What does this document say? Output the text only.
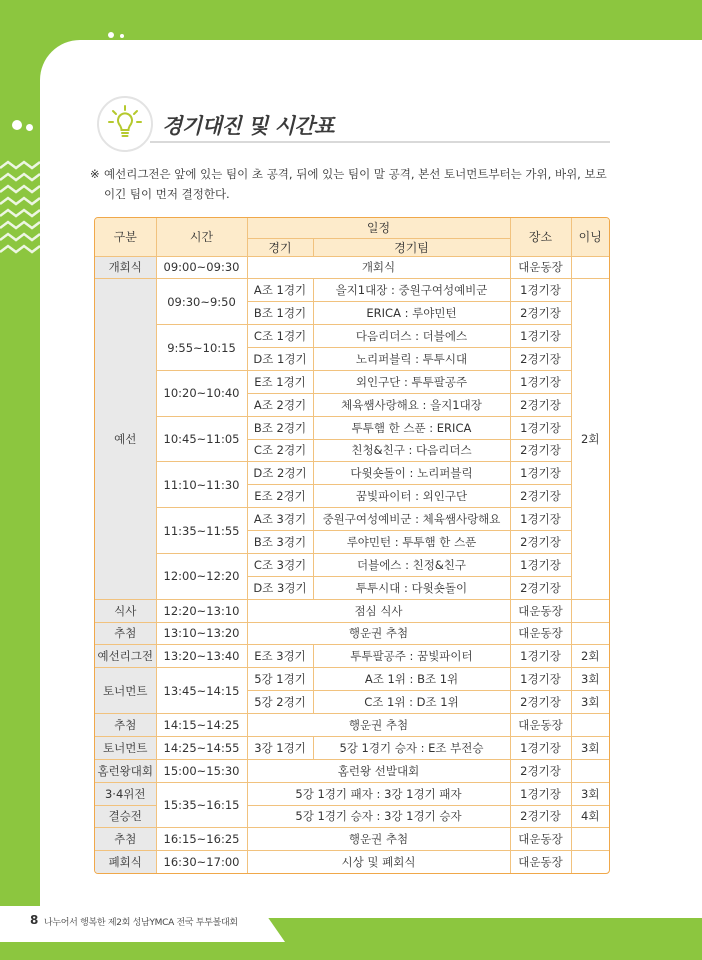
경기대진 및 시간표
※ 예선리그전은 앞에 있는 팀이 초 공격, 뒤에 있는 팀이 말 공격, 본선 토너먼트부터는 가위, 바위, 보로 이긴 팀이 먼저 결정한다.
구분	시간	일정		장소	이닝
		경기	경기팀		
개회식	09:00~09:30	개회식		대운동장	
예선	09:30~9:50	A조 1경기	을지1대장 : 중원구여성예비군	1경기장	2회
		B조 1경기	ERICA : 루야민턴	2경기장	
	9:55~10:15	C조 1경기	다음리더스 : 더블에스	1경기장	
		D조 1경기	노리퍼블릭 : 투투시대	2경기장	
	10:20~10:40	E조 1경기	외인구단 : 투투팔공주	1경기장	
		A조 2경기	체육쌤사랑해요 : 을지1대장	2경기장	
	10:45~11:05	B조 2경기	투투햄 한 스푼 : ERICA	1경기장	
		C조 2경기	친청&친구 : 다음리더스	2경기장	
	11:10~11:30	D조 2경기	다윗숏돌이 : 노리퍼블릭	1경기장	
		E조 2경기	꿈빛파이터 : 외인구단	2경기장	
	11:35~11:55	A조 3경기	중원구여성예비군 : 체육쌤사랑해요	1경기장	
		B조 3경기	루야민턴 : 투투햄 한 스푼	2경기장	
	12:00~12:20	C조 3경기	더블에스 : 친정&친구	1경기장	
		D조 3경기	투투시대 : 다윗숏돌이	2경기장	
식사	12:20~13:10	점심 식사		대운동장	
추첨	13:10~13:20	행운권 추첨		대운동장	
예선리그전	13:20~13:40	E조 3경기	투투팔공주 : 꿈빛파이터	1경기장	2회
토너먼트	13:45~14:15	5강 1경기	A조 1위 : B조 1위	1경기장	3회
		5강 2경기	C조 1위 : D조 1위	2경기장	3회
추첨	14:15~14:25	행운권 추첨		대운동장	
토너먼트	14:25~14:55	3강 1경기	5강 1경기 승자 : E조 부전승	1경기장	3회
홈런왕대회	15:00~15:30	홈런왕 선발대회		2경기장	
3·4위전	15:35~16:15	5강 1경기 패자 : 3강 1경기 패자		1경기장	3회
결승전		5강 1경기 승자 : 3강 1경기 승자		2경기장	4회
추첨	16:15~16:25	행운권 추첨		대운동장	
폐회식	16:30~17:00	시상 및 폐회식		대운동장	
8 나누어서 행복한 제2회 성남YMCA 전국 투투볼대회
